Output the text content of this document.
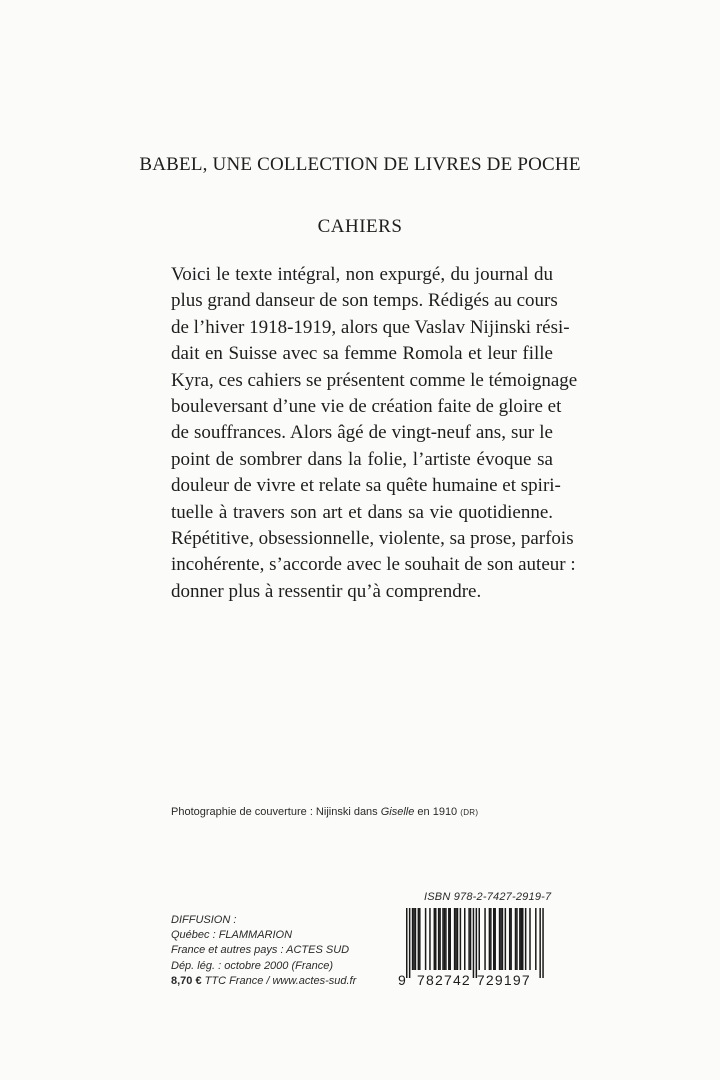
BABEL, UNE COLLECTION DE LIVRES DE POCHE
CAHIERS
Voici le texte intégral, non expurgé, du journal du
plus grand danseur de son temps. Rédigés au cours
de l’hiver 1918-1919, alors que Vaslav Nijinski rési-
dait en Suisse avec sa femme Romola et leur fille
Kyra, ces cahiers se présentent comme le témoignage
bouleversant d’une vie de création faite de gloire et
de souffrances. Alors âgé de vingt-neuf ans, sur le
point de sombrer dans la folie, l’artiste évoque sa
douleur de vivre et relate sa quête humaine et spiri-
tuelle à travers son art et dans sa vie quotidienne.
Répétitive, obsessionnelle, violente, sa prose, parfois
incohérente, s’accorde avec le souhait de son auteur :
donner plus à ressentir qu’à comprendre.
Photographie de couverture : Nijinski dans Giselle en 1910 (DR)
ISBN 978-2-7427-2919-7
DIFFUSION :
Québec : FLAMMARION
France et autres pays : ACTES SUD
Dép. lég. : octobre 2000 (France)
8,70 € TTC France / www.actes-sud.fr	9 782742 729197
